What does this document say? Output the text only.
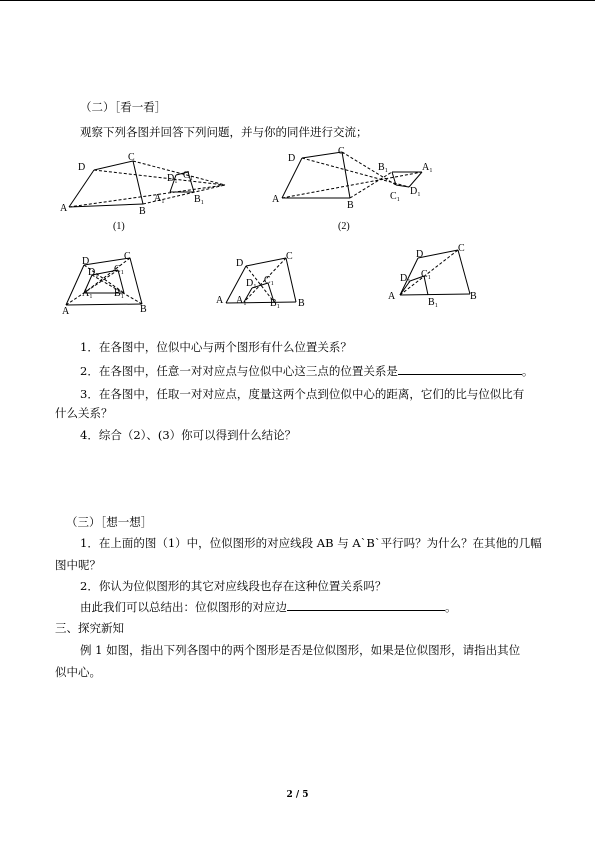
（二）［看一看］
观察下列各图并回答下列问题，并与你的同伴进行交流；
D
C
A	B
D₁ C₁
A₁	B₁
(1)
D
C
A
B
B₁	A₁
D₁
C₁
(2)
D	C
D₁ C₁
A₁ B₁
A	B
D
C
D₁ C₁
A A₁ B₁ B
D
C
D₁ C₁
A
B₁
B
1．在各图中，位似中心与两个图形有什么位置关系？
2．在各图中，任意一对对应点与位似中心这三点的位置关系是	。
3．在各图中，任取一对对应点，度量这两个点到位似中心的距离，它们的比与位似比有
什么关系？
4．综合（2）、(3）你可以得到什么结论？
（三）［想一想］
1．在上面的图（1）中，位似图形的对应线段 AB 与 A`B`平行吗？为什么？在其他的几幅
图中呢？
2．你认为位似图形的其它对应线段也存在这种位置关系吗？
由此我们可以总结出：位似图形的对应边	。
三、探究新知
例 1 如图，指出下列各图中的两个图形是否是位似图形，如果是位似图形，请指出其位
似中心。
2 / 5
